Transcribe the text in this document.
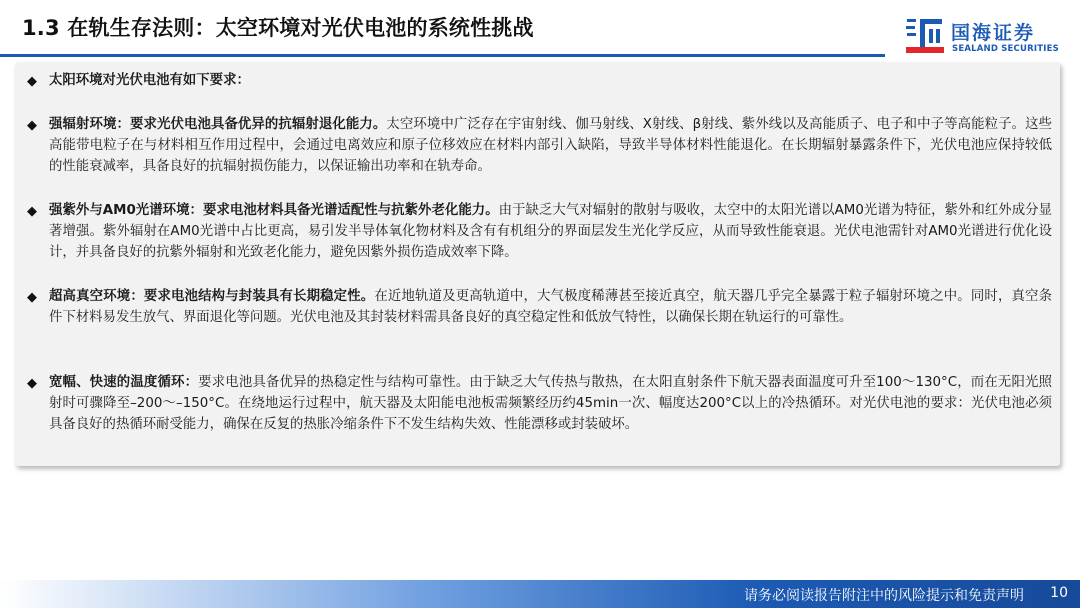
1.3 在轨生存法则：太空环境对光伏电池的系统性挑战	国海证券
SEALAND SECURITIES
◆ 太阳环境对光伏电池有如下要求：
◆ 强辐射环境：要求光伏电池具备优异的抗辐射退化能力。太空环境中广泛存在宇宙射线、伽马射线、X射线、β射线、紫外线以及高能质子、电子和中子等高能粒子。这些高能带电粒子在与材料相互作用过程中，会通过电离效应和原子位移效应在材料内部引入缺陷，导致半导体材料性能退化。在长期辐射暴露条件下，光伏电池应保持较低的性能衰减率，具备良好的抗辐射损伤能力，以保证输出功率和在轨寿命。
◆ 强紫外与AM0光谱环境：要求电池材料具备光谱适配性与抗紫外老化能力。由于缺乏大气对辐射的散射与吸收，太空中的太阳光谱以AM0光谱为特征，紫外和红外成分显著增强。紫外辐射在AM0光谱中占比更高，易引发半导体氧化物材料及含有有机组分的界面层发生光化学反应，从而导致性能衰退。光伏电池需针对AM0光谱进行优化设计，并具备良好的抗紫外辐射和光致老化能力，避免因紫外损伤造成效率下降。
◆ 超高真空环境：要求电池结构与封装具有长期稳定性。在近地轨道及更高轨道中，大气极度稀薄甚至接近真空，航天器几乎完全暴露于粒子辐射环境之中。同时，真空条件下材料易发生放气、界面退化等问题。光伏电池及其封装材料需具备良好的真空稳定性和低放气特性，以确保长期在轨运行的可靠性。
◆ 宽幅、快速的温度循环：要求电池具备优异的热稳定性与结构可靠性。由于缺乏大气传热与散热，在太阳直射条件下航天器表面温度可升至100～130°C，而在无阳光照射时可骤降至–200～–150°C。在绕地运行过程中，航天器及太阳能电池板需频繁经历约45min一次、幅度达200°C以上的冷热循环。对光伏电池的要求：光伏电池必须具备良好的热循环耐受能力，确保在反复的热胀冷缩条件下不发生结构失效、性能漂移或封装破坏。
请务必阅读报告附注中的风险提示和免责声明 10
